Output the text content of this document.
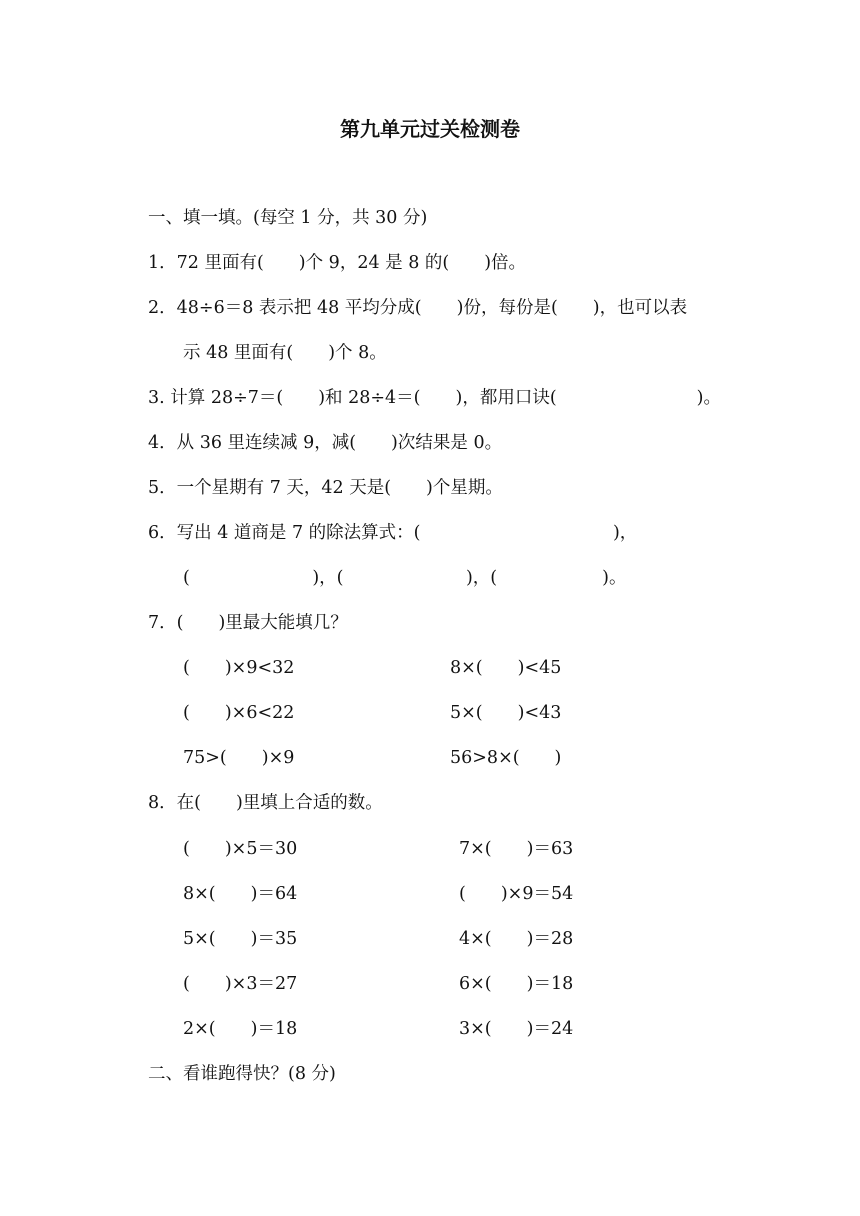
第九单元过关检测卷
一、填一填。(每空 1 分，共 30 分)
1．72 里面有(　　)个 9，24 是 8 的(　　)倍。
2．48÷6＝8 表示把 48 平均分成(　　)份，每份是(　　)，也可以表
示 48 里面有(　　)个 8。
3. 计算 28÷7＝(　　)和 28÷4＝(　　)，都用口诀(　　　　　　　　)。
4．从 36 里连续减 9，减(　　)次结果是 0。
5．一个星期有 7 天，42 天是(　　)个星期。
6．写出 4 道商是 7 的除法算式：(　　　　　　　　　　　)，
(　　　　　　　)，(　　　　　　　)，(　　　　　　)。
7．(　　)里最大能填几？
(　　)×9<32	8×(　　)<45
(　　)×6<22	5×(　　)<43
75>(　　)×9	56>8×(　　)
8．在(　　)里填上合适的数。
(　　)×5＝30	7×(　　)＝63
8×(　　)＝64	(　　)×9＝54
5×(　　)＝35	4×(　　)＝28
(　　)×3＝27	6×(　　)＝18
2×(　　)＝18	3×(　　)＝24
二、看谁跑得快？(8 分)
